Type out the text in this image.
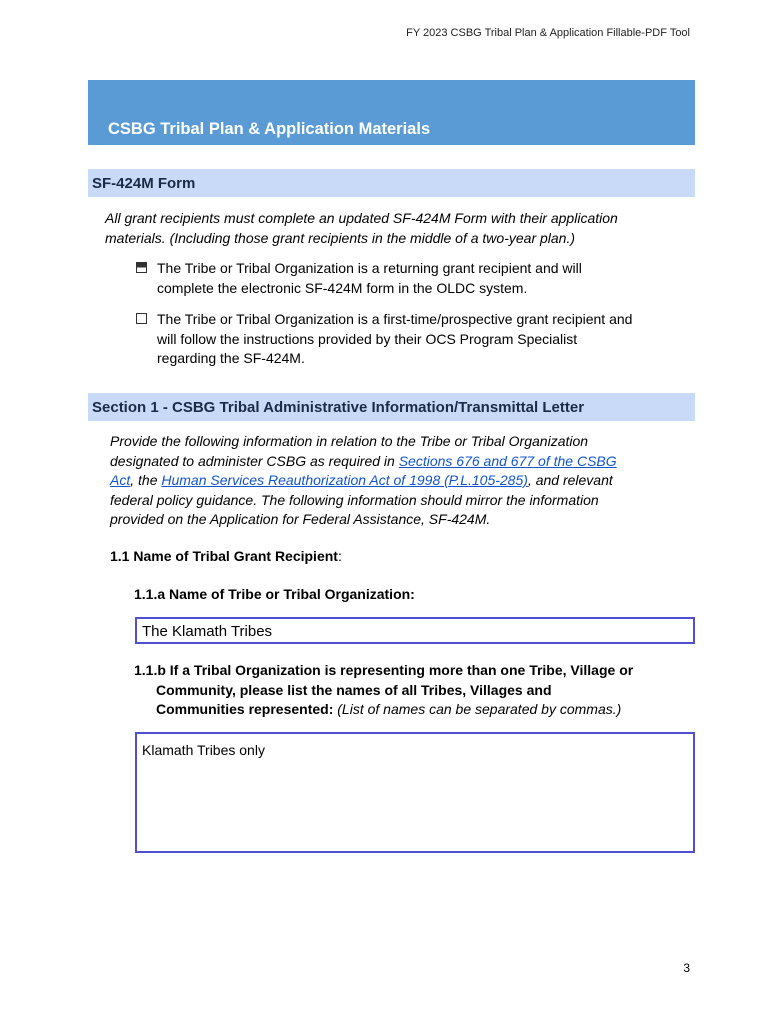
FY 2023 CSBG Tribal Plan & Application Fillable-PDF Tool
CSBG Tribal Plan & Application Materials
SF-424M Form
All grant recipients must complete an updated SF-424M Form with their application
materials. (Including those grant recipients in the middle of a two-year plan.)
The Tribe or Tribal Organization is a returning grant recipient and will
complete the electronic SF-424M form in the OLDC system.
The Tribe or Tribal Organization is a first-time/prospective grant recipient and
will follow the instructions provided by their OCS Program Specialist
regarding the SF-424M.
Section 1 - CSBG Tribal Administrative Information/Transmittal Letter
Provide the following information in relation to the Tribe or Tribal Organization
designated to administer CSBG as required in Sections 676 and 677 of the CSBG
Act, the Human Services Reauthorization Act of 1998 (P.L.105-285), and relevant
federal policy guidance. The following information should mirror the information
provided on the Application for Federal Assistance, SF-424M.
1.1 Name of Tribal Grant Recipient:
1.1.a Name of Tribe or Tribal Organization:
The Klamath Tribes
1.1.b If a Tribal Organization is representing more than one Tribe, Village or
Community, please list the names of all Tribes, Villages and
Communities represented: (List of names can be separated by commas.)
Klamath Tribes only
3
